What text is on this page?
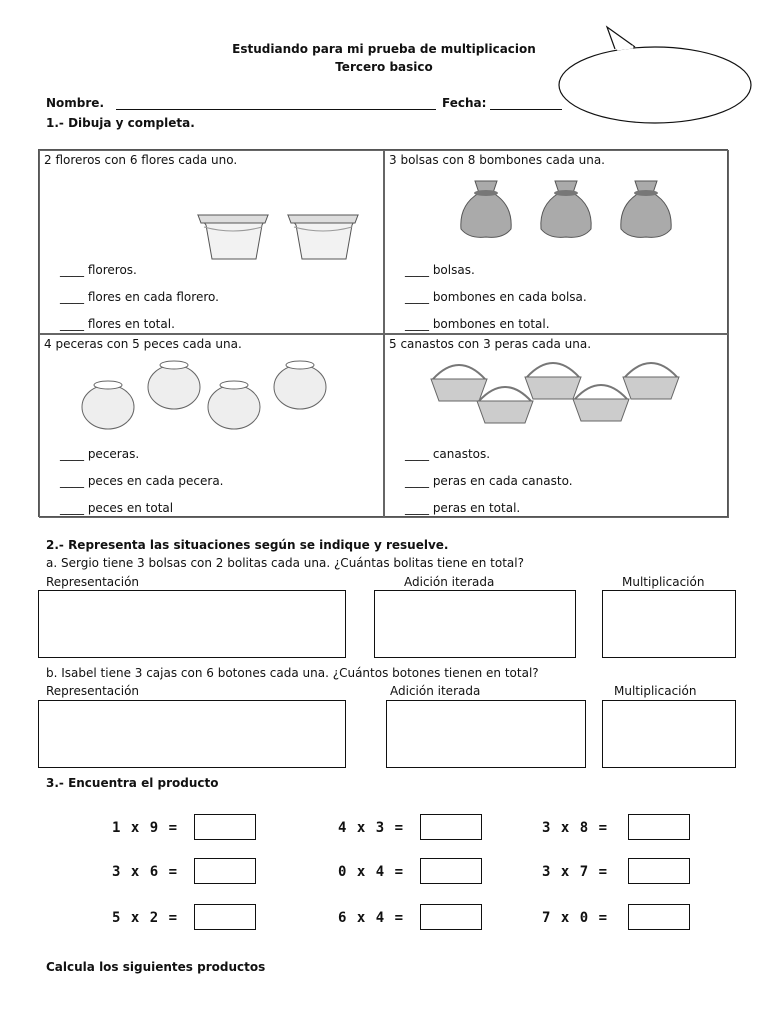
Estudiando para mi prueba de multiplicacion
Tercero basico
Nombre.	Fecha:
1.- Dibuja y completa.
2 floreros con 6 flores cada uno.
____ floreros.
____ flores en cada florero.
____ flores en total.
3 bolsas con 8 bombones cada una.
____ bolsas.
____ bombones en cada bolsa.
____ bombones en total.
4 peceras con 5 peces cada una.
____ peceras.
____ peces en cada pecera.
____ peces en total
5 canastos con 3 peras cada una.
____ canastos.
____ peras en cada canasto.
____ peras en total.
2.- Representa las situaciones según se indique y resuelve.
a. Sergio tiene 3 bolsas con 2 bolitas cada una. ¿Cuántas bolitas tiene en total?
Representación	Adición iterada	Multiplicación
b. Isabel tiene 3 cajas con 6 botones cada una. ¿Cuántos botones tienen en total?
Representación	Adición iterada	Multiplicación
3.- Encuentra el producto
1 x 9 =	4 x 3 =	3 x 8 =
3 x 6 =	0 x 4 =	3 x 7 =
5 x 2 =	6 x 4 =	7 x 0 =
Calcula los siguientes productos
